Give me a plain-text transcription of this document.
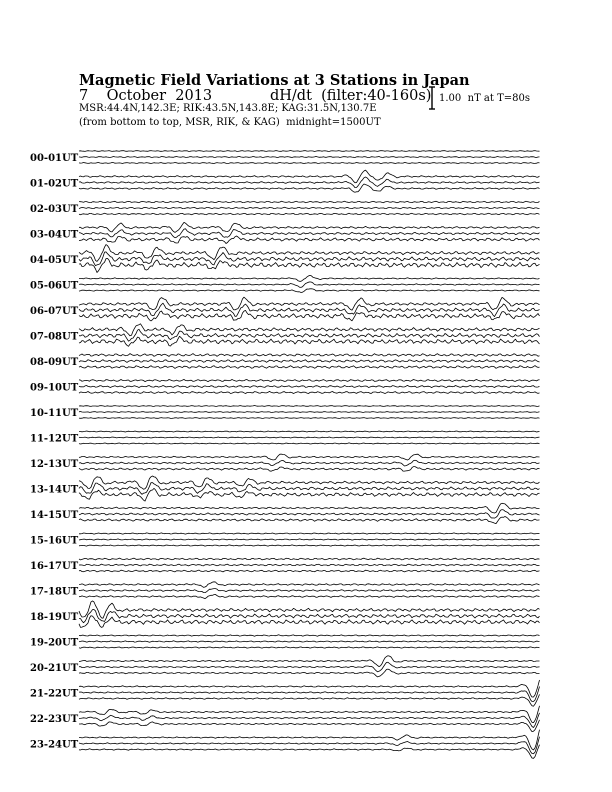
Magnetic Field Variations at 3 Stations in Japan
7    October  2013	dH/dt  (filter:40-160s)
MSR:44.4N,142.3E; RIK:43.5N,143.8E; KAG:31.5N,130.7E
(from bottom to top, MSR, RIK, & KAG)  midnight=1500UT
1.00  nT at T=80s
00-01UT
01-02UT
02-03UT
03-04UT
04-05UT
05-06UT
06-07UT
07-08UT
08-09UT
09-10UT
10-11UT
11-12UT
12-13UT
13-14UT
14-15UT
15-16UT
16-17UT
17-18UT
18-19UT
19-20UT
20-21UT
21-22UT
22-23UT
23-24UT
